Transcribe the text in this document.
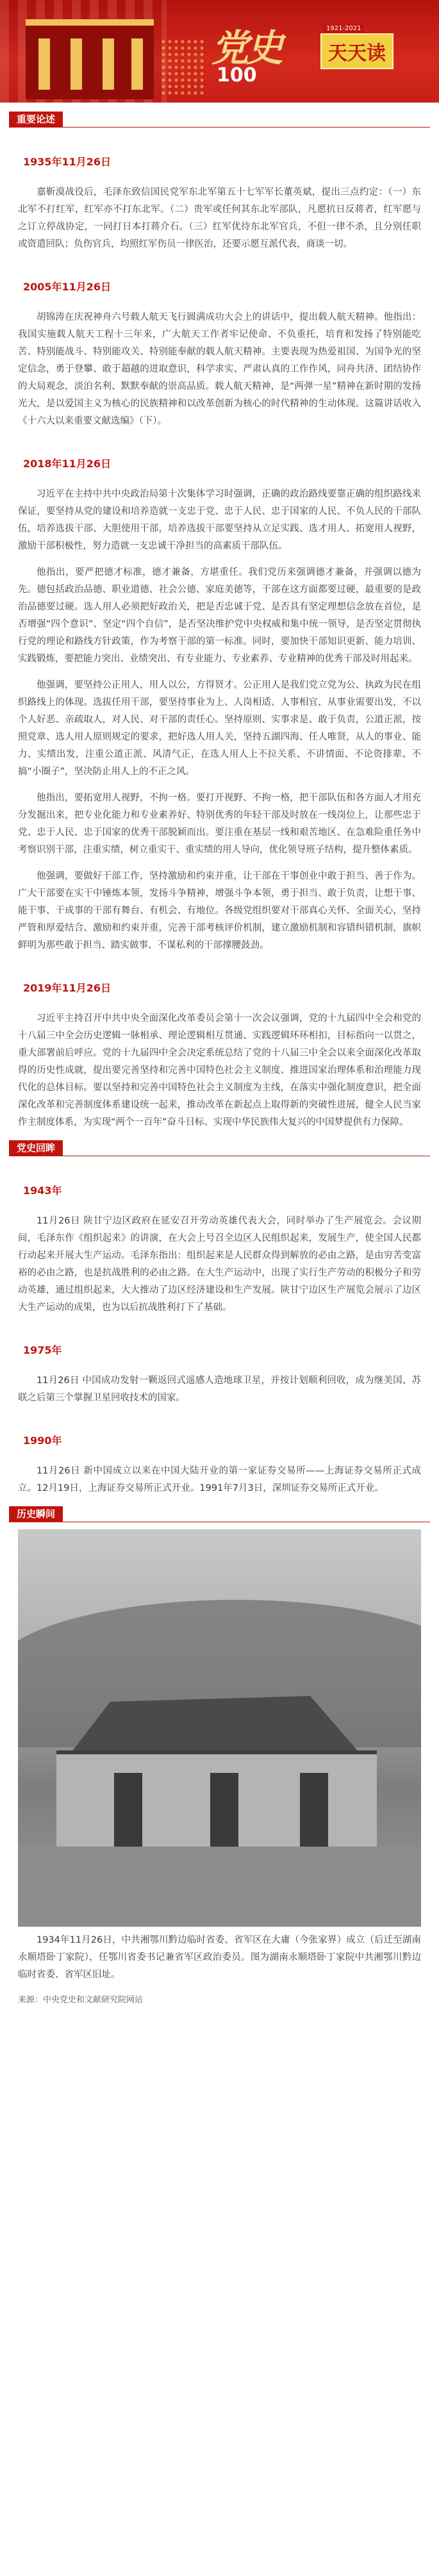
党史
100
1921-2021
天天读
重要论述
1935年11月26日

嘉靳漠战役后，毛泽东致信国民党军东北军第五十七军军长董英斌，提出三点约定：（一）东北军不打红军，红军亦不打东北军。（二）贵军或任何其东北军部队，凡愿抗日反蒋者，红军愿与之订立停战协定，一同打日本打蒋介石。（三）红军优待东北军官兵，不但一律不杀，且分别任职或资遣回队；负伤官兵，均照红军伤员一律医治，还要示愿互派代表，商谈一切。

2005年11月26日

胡锦涛在庆祝神舟六号载人航天飞行圆满成功大会上的讲话中，提出载人航天精神。他指出：我国实施载人航天工程十三年来，广大航天工作者牢记使命、不负重托，培育和发扬了特别能吃苦、特别能战斗、特别能攻关、特别能奉献的载人航天精神。主要表现为热爱祖国、为国争光的坚定信念，勇于登攀、敢于超越的进取意识，科学求实、严肃认真的工作作风，同舟共济、团结协作的大局观念，淡泊名利、默默奉献的崇高品质。载人航天精神，是“两弹一星”精神在新时期的发扬光大，是以爱国主义为核心的民族精神和以改革创新为核心的时代精神的生动体现。这篇讲话收入《十六大以来重要文献选编》（下）。

2018年11月26日

习近平在主持中共中央政治局第十次集体学习时强调，正确的政治路线要靠正确的组织路线来保证，要坚持从党的建设和培养造就一支忠于党、忠于人民、忠于国家的人民、不负人民的干部队伍，培养选拔干部、大胆使用干部，培养选拔干部要坚持从立足实践、选才用人、拓宽用人视野，激励干部积极性，努力造就一支忠诚干净担当的高素质干部队伍。

他指出，要严把德才标准，德才兼备，方堪重任。我们党历来强调德才兼备，并强调以德为先。德包括政治品德、职业道德、社会公德、家庭美德等，干部在这方面都要过硬，最重要的是政治品德要过硬。选人用人必须把好政治关，把是否忠诚于党、是否具有坚定理想信念放在首位，是否增强“四个意识”、坚定“四个自信”，是否坚决维护党中央权威和集中统一领导，是否坚定贯彻执行党的理论和路线方针政策，作为考察干部的第一标准。同时，要加快干部知识更新、能力培训、实践锻炼，要把能力突出、业绩突出、有专业能力、专业素养、专业精神的优秀干部及时用起来。

他强调，要坚持公正用人，用人以公，方得贤才。公正用人是我们党立党为公、执政为民在组织路线上的体现。选拔任用干部，要坚持事业为上、人岗相适、人事相宜，从事业需要出发，不以个人好恶、亲疏取人，对人民、对干部的责任心。坚持原则、实事求是、敢于负责，公道正派，按照党章、选人用人原则规定的要求，把好选人用人关，坚持五湖四海、任人唯贤，从人的事业、能力、实绩出发，注重公道正派、风清气正，在选人用人上不拉关系、不讲情面、不论资排辈、不搞“小圈子”，坚决防止用人上的不正之风。

他指出，要拓宽用人视野，不拘一格。要打开视野、不拘一格，把干部队伍和各方面人才用充分发掘出来，把专业化能力和专业素养好、特别优秀的年轻干部及时放在一线岗位上，让那些忠于党、忠于人民、忠于国家的优秀干部脱颖而出。要注重在基层一线和艰苦地区、在急难险重任务中考察识别干部，注重实绩，树立重实干、重实绩的用人导向，优化领导班子结构，提升整体素质。

他强调，要做好干部工作，坚持激励和约束并重，让干部在干事创业中敢于担当、善于作为。广大干部要在实干中锤炼本领，发扬斗争精神，增强斗争本领，勇于担当、敢于负责，让想干事、能干事、干成事的干部有舞台、有机会、有地位。各级党组织要对干部真心关怀、全面关心，坚持严管和厚爱结合、激励和约束并重，完善干部考核评价机制，建立激励机制和容错纠错机制，旗帜鲜明为那些敢于担当、踏实做事、不谋私利的干部撑腰鼓劲。

2019年11月26日

习近平主持召开中共中央全面深化改革委员会第十一次会议强调，党的十九届四中全会和党的十八届三中全会历史逻辑一脉相承、理论逻辑相互贯通、实践逻辑环环相扣，目标指向一以贯之，重大部署前后呼应。党的十九届四中全会决定系统总结了党的十八届三中全会以来全面深化改革取得的历史性成就，提出要完善坚持和完善中国特色社会主义制度、推进国家治理体系和治理能力现代化的总体目标。要以坚持和完善中国特色社会主义制度为主线，在落实中强化制度意识，把全面深化改革和完善制度体系建设统一起来，推动改革在新起点上取得新的突破性进展，健全人民当家作主制度体系，为实现“两个一百年”奋斗目标、实现中华民族伟大复兴的中国梦提供有力保障。

党史回眸
1943年

11月26日 陕甘宁边区政府在延安召开劳动英雄代表大会，同时举办了生产展览会。会议期间，毛泽东作《组织起来》的讲演，在大会上号召全边区人民组织起来，发展生产，使全国人民都行动起来开展大生产运动。毛泽东指出：组织起来是人民群众得到解放的必由之路，是由穷苦变富裕的必由之路，也是抗战胜利的必由之路。在大生产运动中，出现了实行生产劳动的积极分子和劳动英雄，通过组织起来，大大推动了边区经济建设和生产发展。陕甘宁边区生产展览会展示了边区大生产运动的成果，也为以后抗战胜利打下了基础。

1975年

11月26日 中国成功发射一颗返回式遥感人造地球卫星，并按计划顺利回收，成为继美国、苏联之后第三个掌握卫星回收技术的国家。

1990年

11月26日 新中国成立以来在中国大陆开业的第一家证券交易所——上海证券交易所正式成立。12月19日，上海证券交易所正式开业。1991年7月3日，深圳证券交易所正式开业。

历史瞬间

1934年11月26日，中共湘鄂川黔边临时省委、省军区在大庸（今张家界）成立（后迁至湖南永顺塔卧丁家院），任鄂川省委书记兼省军区政治委员。图为湖南永顺塔卧丁家院中共湘鄂川黔边临时省委、省军区旧址。

来源：中央党史和文献研究院网站
